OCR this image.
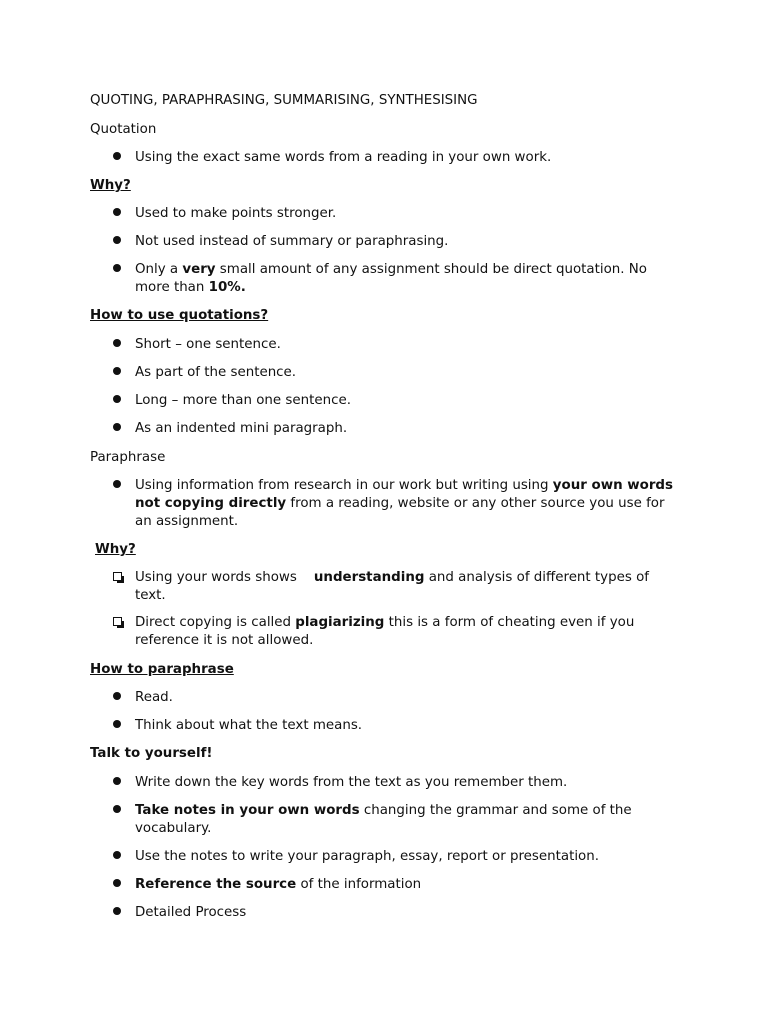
QUOTING, PARAPHRASING, SUMMARISING, SYNTHESISING
Quotation
Using the exact same words from a reading in your own work.
Why?
Used to make points stronger.
Not used instead of summary or paraphrasing.
Only a very small amount of any assignment should be direct quotation. No more than 10%.
How to use quotations?
Short – one sentence.
As part of the sentence.
Long – more than one sentence.
As an indented mini paragraph.
Paraphrase
Using information from research in our work but writing using your own words not copying directly from a reading, website or any other source you use for an assignment.
Why?
Using your words shows    understanding and analysis of different types of text.
Direct copying is called plagiarizing this is a form of cheating even if you reference it is not allowed.
How to paraphrase
Read.
Think about what the text means.
Talk to yourself!
Write down the key words from the text as you remember them.
Take notes in your own words changing the grammar and some of the vocabulary.
Use the notes to write your paragraph, essay, report or presentation.
Reference the source of the information
Detailed Process
